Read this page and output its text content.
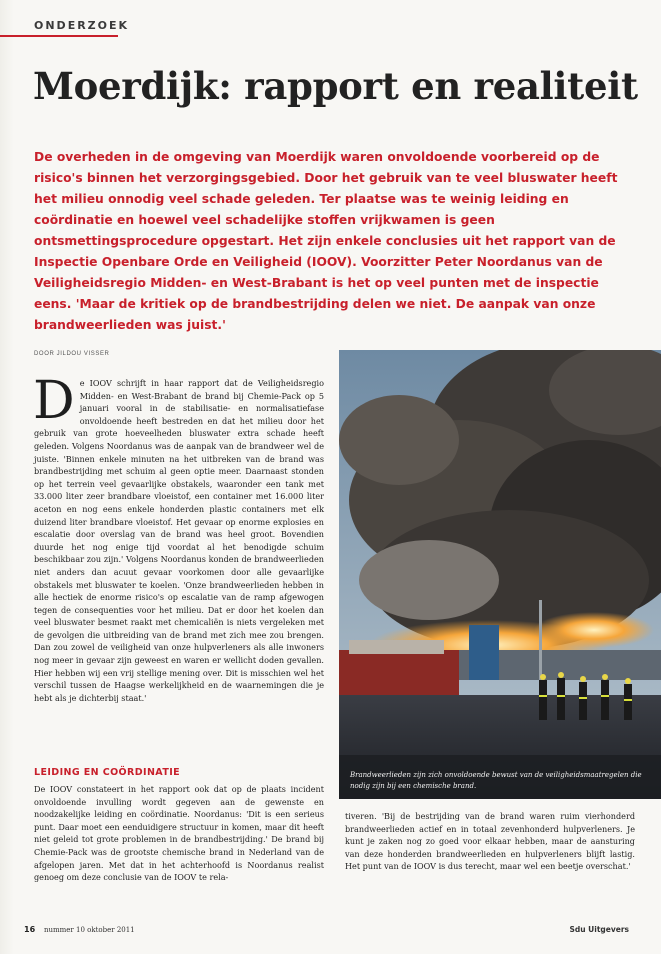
ONDERZOEK
Moerdijk: rapport en realiteit

De overheden in de omgeving van Moerdijk waren onvoldoende voorbereid op de risico's binnen het verzorgingsgebied. Door het gebruik van te veel bluswater heeft het milieu onnodig veel schade geleden. Ter plaatse was te weinig leiding en coördinatie en hoewel veel schadelijke stoffen vrijkwamen is geen ontsmettingsprocedure opgestart. Het zijn enkele conclusies uit het rapport van de Inspectie Openbare Orde en Veiligheid (IOOV). Voorzitter Peter Noordanus van de Veiligheidsregio Midden- en West-Brabant is het op veel punten met de inspectie eens. 'Maar de kritiek op de brandbestrijding delen we niet. De aanpak van onze brandweerlieden was juist.'

DOOR JILDOU VISSER

De IOOV schrijft in haar rapport dat de Veiligheidsregio Midden- en West-Brabant de brand bij Chemie-Pack op 5 januari vooral in de stabilisatie- en normalisatiefase onvoldoende heeft bestreden en dat het milieu door het gebruik van grote hoeveelheden bluswater extra schade heeft geleden. Volgens Noordanus was de aanpak van de brandweer wel de juiste. 'Binnen enkele minuten na het uitbreken van de brand was brandbestrijding met schuim al geen optie meer. Daarnaast stonden op het terrein veel gevaarlijke obstakels, waaronder een tank met 33.000 liter zeer brandbare vloeistof, een container met 16.000 liter aceton en nog eens enkele honderden plastic containers met elk duizend liter brandbare vloeistof. Het gevaar op enorme explosies en escalatie door overslag van de brand was heel groot. Bovendien duurde het nog enige tijd voordat al het benodigde schuim beschikbaar zou zijn.' Volgens Noordanus konden de brandweerlieden niet anders dan acuut gevaar voorkomen door alle gevaarlijke obstakels met bluswater te koelen. 'Onze brandweerlieden hebben in alle hectiek de enorme risico's op escalatie van de ramp afgewogen tegen de consequenties voor het milieu. Dat er door het koelen dan veel bluswater besmet raakt met chemicaliën is niets vergeleken met de gevolgen die uitbreiding van de brand met zich mee zou brengen. Dan zou zowel de veiligheid van onze hulpverleners als alle inwoners nog meer in gevaar zijn geweest en waren er wellicht doden gevallen. Hier hebben wij een vrij stellige mening over. Dit is misschien wel het verschil tussen de Haagse werkelijkheid en de waarnemingen die je hebt als je dichterbij staat.'

LEIDING EN COÖRDINATIE

De IOOV constateert in het rapport ook dat op de plaats incident onvoldoende invulling wordt gegeven aan de gewenste en noodzakelijke leiding en coördinatie. Noordanus: 'Dit is een serieus punt. Daar moet een eenduidigere structuur in komen, maar dit heeft niet geleid tot grote problemen in de brandbestrijding.' De brand bij Chemie-Pack was de grootste chemische brand in Nederland van de afgelopen jaren. Met dat in het achterhoofd is Noordanus realist genoeg om deze conclusie van de IOOV te rela-

Brandweerlieden zijn zich onvoldoende bewust van de veiligheidsmaatregelen die nodig zijn bij een chemische brand.

tiveren. 'Bij de bestrijding van de brand waren ruim vierhonderd brandweerlieden actief en in totaal zevenhonderd hulpverleners. Je kunt je zaken nog zo goed voor elkaar hebben, maar de aansturing van deze honderden brandweerlieden en hulpverleners blijft lastig. Het punt van de IOOV is dus terecht, maar wel een beetje overschat.'

16 nummer 10 oktober 2011	Sdu Uitgevers
